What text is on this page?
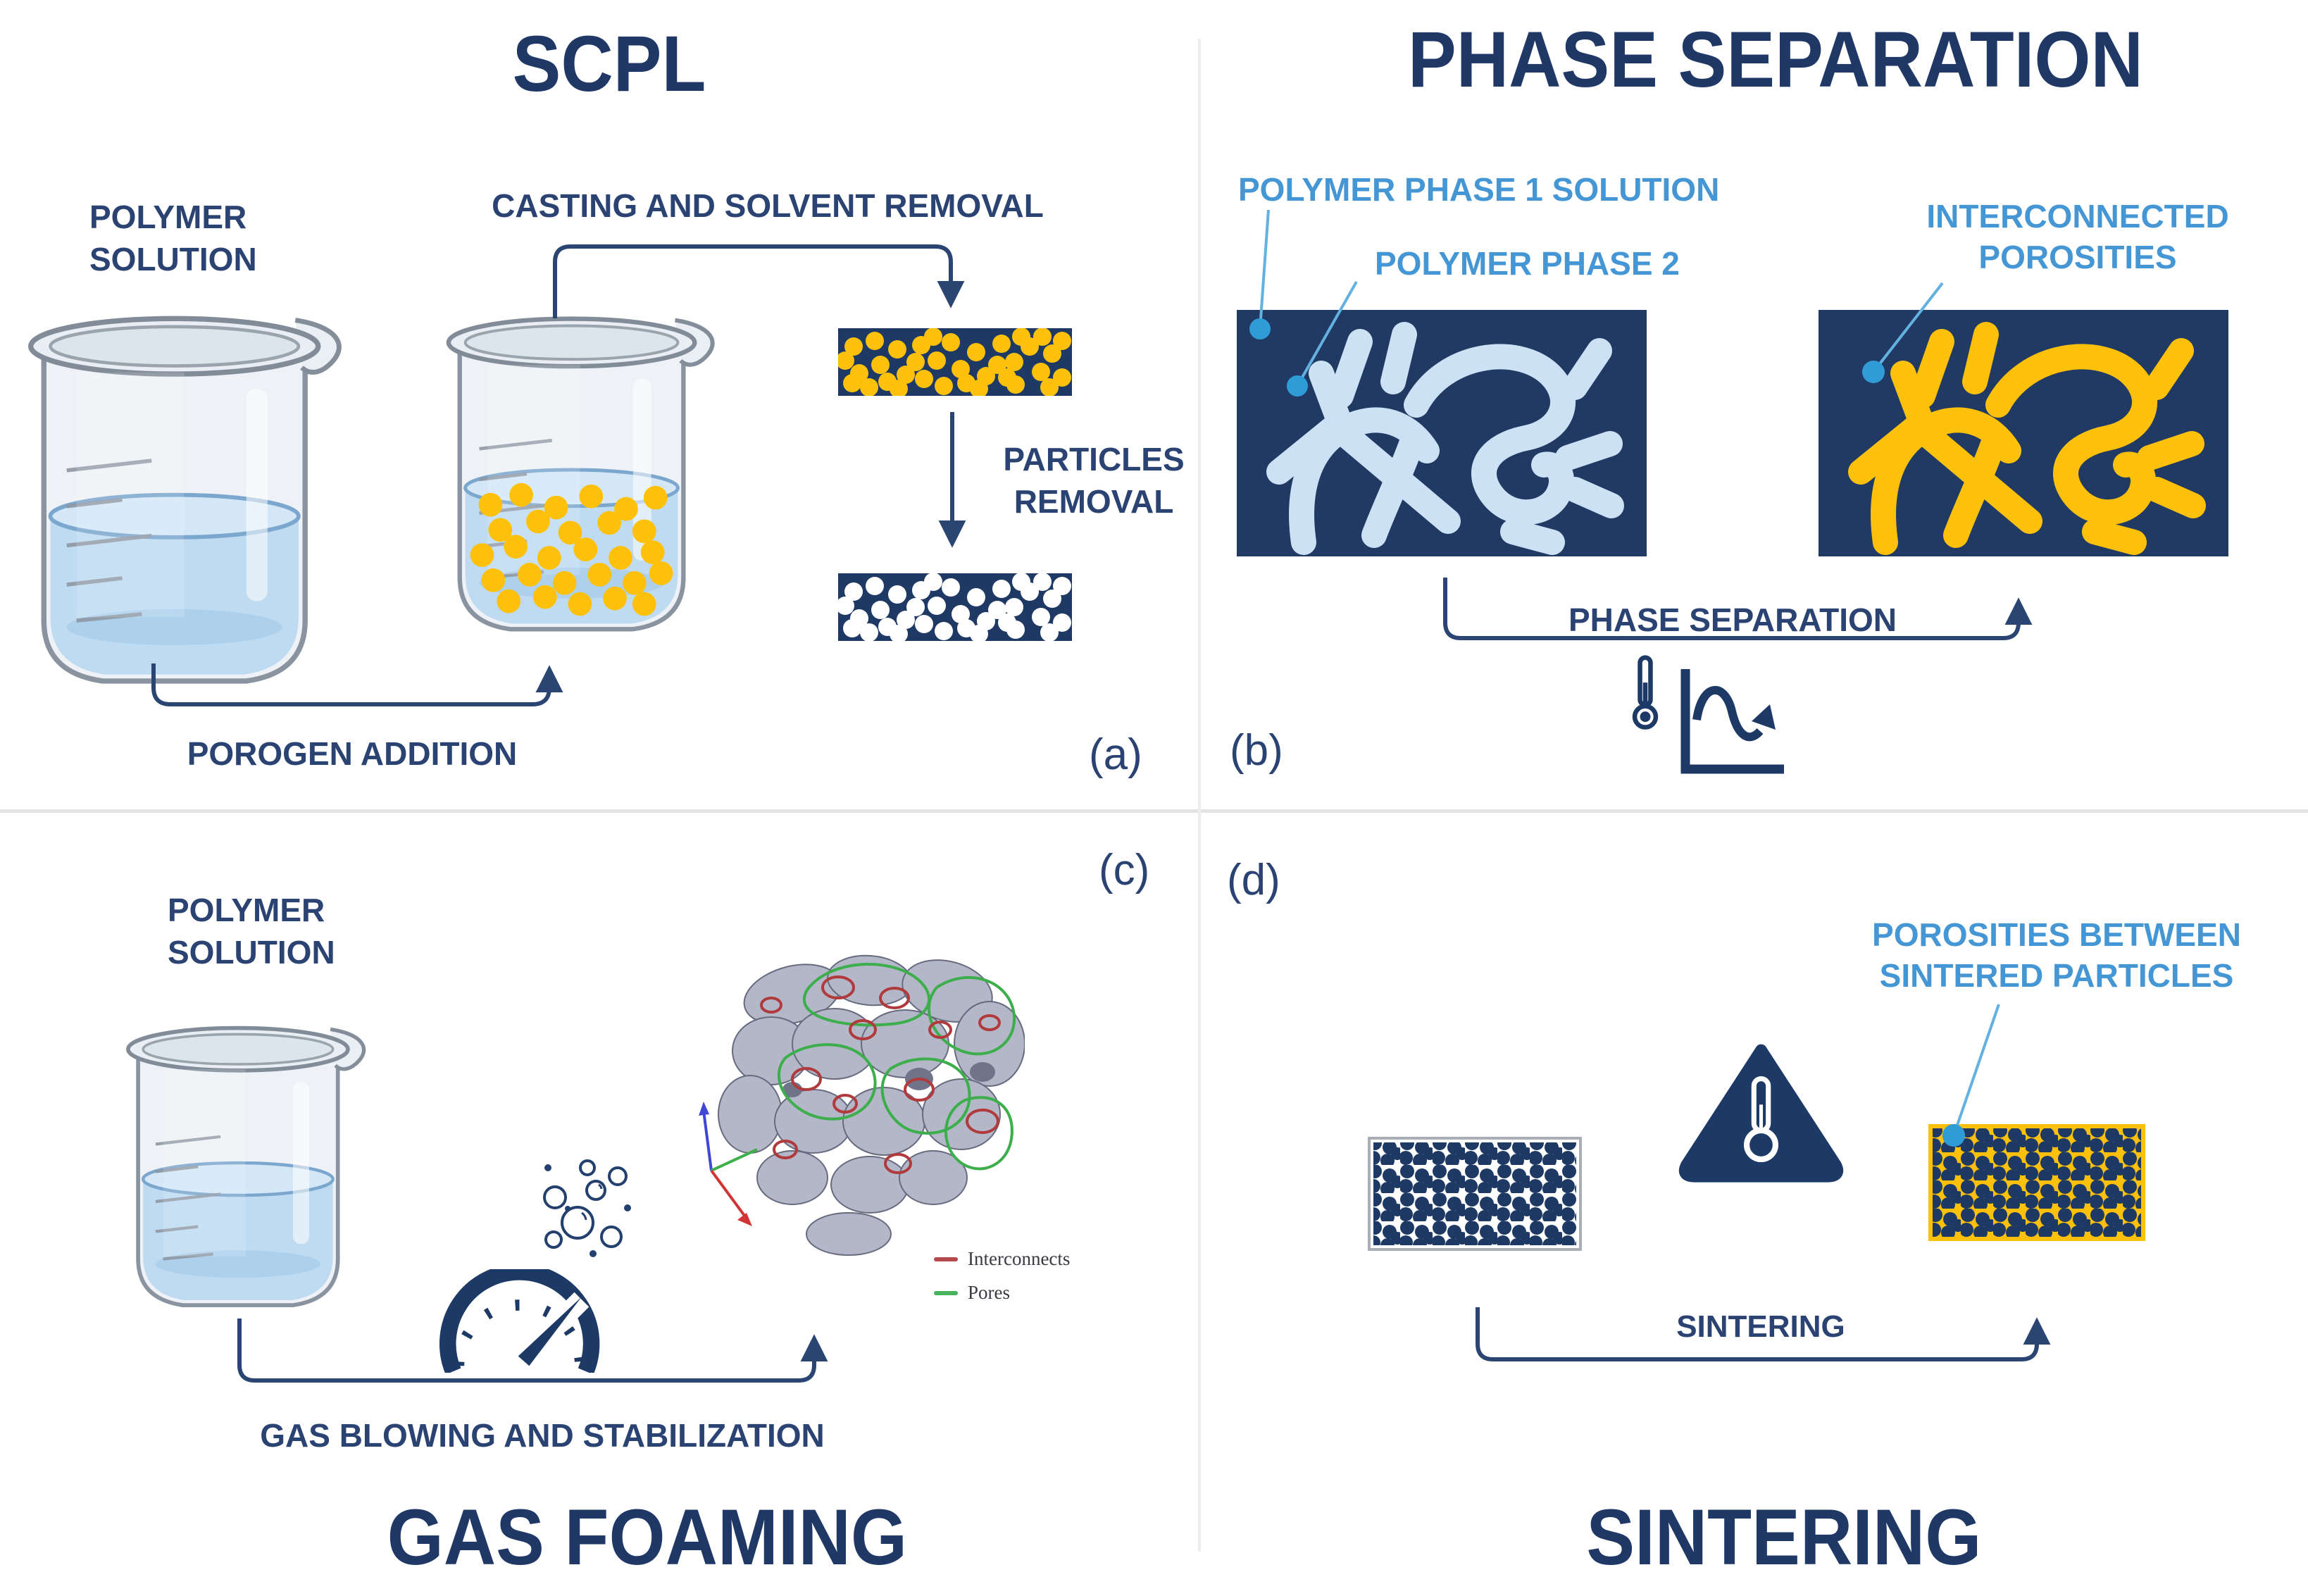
SCPL
POLYMER
SOLUTION
CASTING AND SOLVENT REMOVAL
PARTICLES
REMOVAL
POROGEN ADDITION	(a)
PHASE SEPARATION
POLYMER PHASE 1 SOLUTION
POLYMER PHASE 2
INTERCONNECTED
POROSITIES
PHASE SEPARATION
(b)
(c)
POLYMER
SOLUTION
Interconnects
Pores
GAS BLOWING AND STABILIZATION
GAS FOAMING
(d)
POROSITIES BETWEEN
SINTERED PARTICLES
SINTERING
SINTERING
